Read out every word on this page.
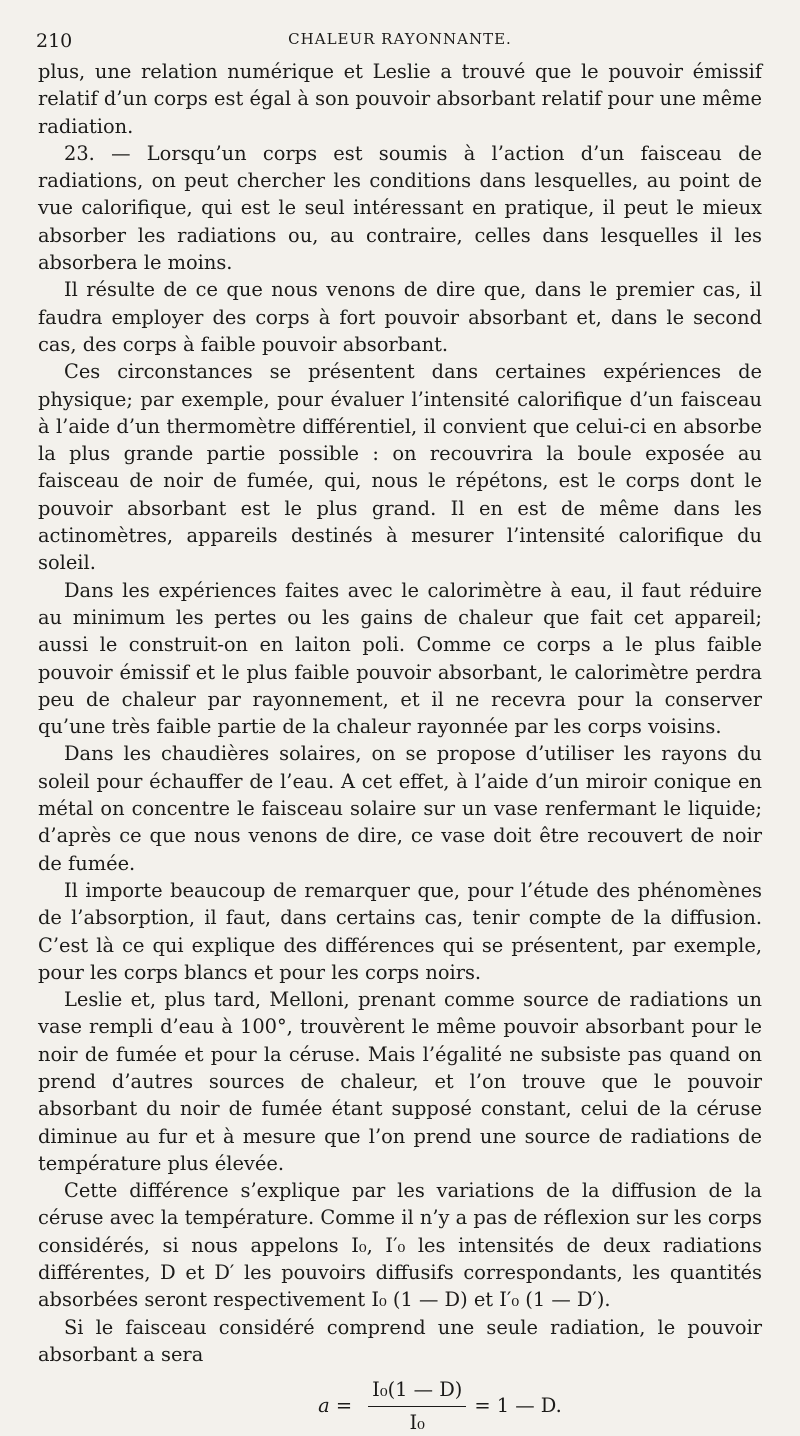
210	CHALEUR RAYONNANTE.

plus, une relation numérique et Leslie a trouvé que le pouvoir émissif relatif d’un corps est égal à son pouvoir absorbant relatif pour une même radiation.

23. — Lorsqu’un corps est soumis à l’action d’un faisceau de radiations, on peut chercher les conditions dans lesquelles, au point de vue calorifique, qui est le seul intéressant en pratique, il peut le mieux absorber les radiations ou, au contraire, celles dans lesquelles il les absorbera le moins.

Il résulte de ce que nous venons de dire que, dans le premier cas, il faudra employer des corps à fort pouvoir absorbant et, dans le second cas, des corps à faible pouvoir absorbant.

Ces circonstances se présentent dans certaines expériences de physique; par exemple, pour évaluer l’intensité calorifique d’un faisceau à l’aide d’un thermomètre différentiel, il convient que celui-ci en absorbe la plus grande partie possible : on recouvrira la boule exposée au faisceau de noir de fumée, qui, nous le répétons, est le corps dont le pouvoir absorbant est le plus grand. Il en est de même dans les actinomètres, appareils destinés à mesurer l’intensité calorifique du soleil.

Dans les expériences faites avec le calorimètre à eau, il faut réduire au minimum les pertes ou les gains de chaleur que fait cet appareil; aussi le construit-on en laiton poli. Comme ce corps a le plus faible pouvoir émissif et le plus faible pouvoir absorbant, le calorimètre perdra peu de chaleur par rayonnement, et il ne recevra pour la conserver qu’une très faible partie de la chaleur rayonnée par les corps voisins.

Dans les chaudières solaires, on se propose d’utiliser les rayons du soleil pour échauffer de l’eau. A cet effet, à l’aide d’un miroir conique en métal on concentre le faisceau solaire sur un vase renfermant le liquide; d’après ce que nous venons de dire, ce vase doit être recouvert de noir de fumée.

Il importe beaucoup de remarquer que, pour l’étude des phénomènes de l’absorption, il faut, dans certains cas, tenir compte de la diffusion. C’est là ce qui explique des différences qui se présentent, par exemple, pour les corps blancs et pour les corps noirs.

Leslie et, plus tard, Melloni, prenant comme source de radiations un vase rempli d’eau à 100°, trouvèrent le même pouvoir absorbant pour le noir de fumée et pour la céruse. Mais l’égalité ne subsiste pas quand on prend d’autres sources de chaleur, et l’on trouve que le pouvoir absorbant du noir de fumée étant supposé constant, celui de la céruse diminue au fur et à mesure que l’on prend une source de radiations de température plus élevée.

Cette différence s’explique par les variations de la diffusion de la céruse avec la température. Comme il n’y a pas de réflexion sur les corps considérés, si nous appelons I₀, I′₀ les intensités de deux radiations différentes, D et D′ les pouvoirs diffusifs correspondants, les quantités absorbées seront respectivement I₀ (1 — D) et I′₀ (1 — D′).

Si le faisceau considéré comprend une seule radiation, le pouvoir absorbant a sera

$a = \frac{\text{I₀(1 — D)}}{\text{I₀}} = 1$ — D.
